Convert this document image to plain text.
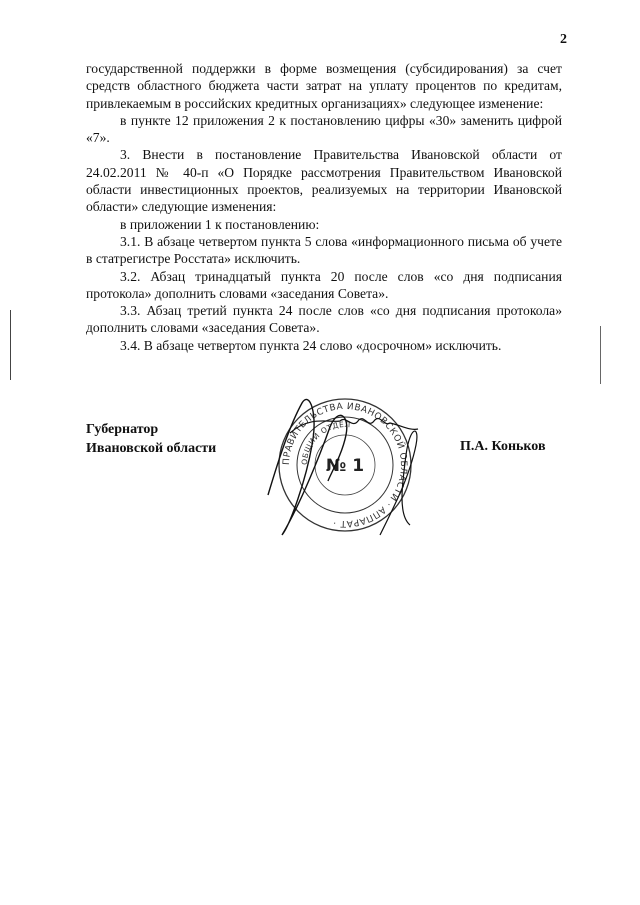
2

государственной поддержки в форме возмещения (субсидирования) за счет средств областного бюджета части затрат на уплату процентов по кредитам, привлекаемым в российских кредитных организациях» следующее изменение:

в пункте 12 приложения 2 к постановлению цифры «30» заменить цифрой «7».

3. Внести в постановление Правительства Ивановской области от 24.02.2011 № 40-п «О Порядке рассмотрения Правительством Ивановской области инвестиционных проектов, реализуемых на территории Ивановской области» следующие изменения:

в приложении 1 к постановлению:

3.1. В абзаце четвертом пункта 5 слова «информационного письма об учете в статрегистре Росстата» исключить.

3.2. Абзац тринадцатый пункта 20 после слов «со дня подписания протокола» дополнить словами «заседания Совета».

3.3. Абзац третий пункта 24 после слов «со дня подписания протокола» дополнить словами «заседания Совета».

3.4. В абзаце четвертом пункта 24 слово «досрочном» исключить.

Губернатор
Ивановской области
ПРАВИТЕЛЬСТВА ИВАНОВСКОЙ ОБЛАСТИ · АППАРАТ ·
ОБЩИЙ ОТДЕЛ
№ 1
П.А. Коньков
